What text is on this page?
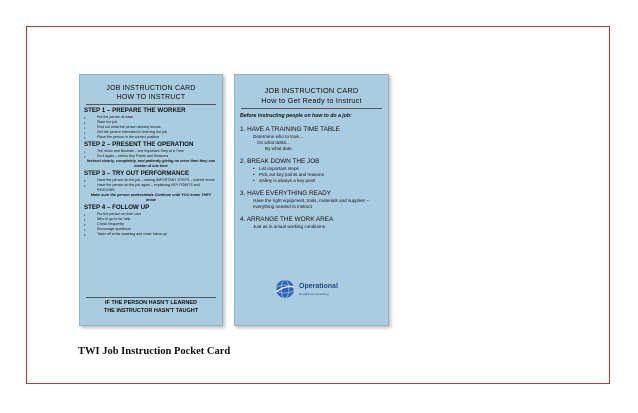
JOB INSTRUCTION CARD
HOW TO INSTRUCT
STEP 1 – PREPARE THE WORKER
• Put the person at ease
• State the job
• Find out what the person already knows
• Get the person interested in learning the job
• Place the person in the correct position
STEP 2 – PRESENT THE OPERATION
• Tell, show and illustrate - one Important Step at a Time
• Do it again – stress Key Points and Reasons
Instruct clearly, completely, and patiently giving no more than they can master at one time
STEP 3 – TRY OUT PERFORMANCE
• Have the person do the job – stating IMPORTANT STEPS – correct errors
• Have the person do the job again – explaining KEY POINTS and REASONS
Make sure the person understands Continue until YOU know THEY know
STEP 4 – FOLLOW UP
• Put the person on their own
• Who to go to for help
• Check frequently
• Encourage questions
• Taper off extra coaching and close follow-up
IF THE PERSON HASN'T LEARNED
THE INSTRUCTOR HASN'T TAUGHT
JOB INSTRUCTION CARD
How to Get Ready to Instruct
Before instructing people on how to do a job:
1. HAVE A TRAINING TIME TABLE
Determine who to train...
On what tasks...
By what date.
2. BREAK DOWN THE JOB
• List important steps
• Pick out key points and reasons
• Safety is always a key point
3. HAVE EVERYTHING READY
Have the right equipment, tools, materials and supplies – everything needed to instruct
4. ARRANGE THE WORK AREA
Just as in actual working conditions
Operational
Excellence Consulting
TWI Job Instruction Pocket Card
